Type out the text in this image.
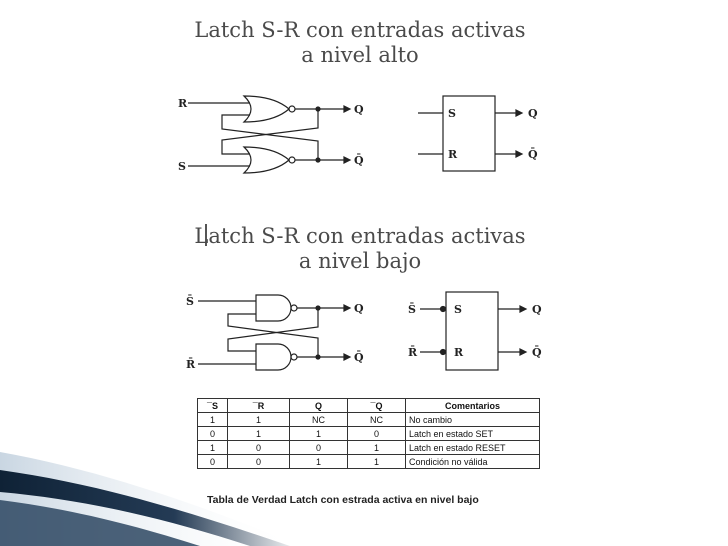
Latch S-R con entradas activas a nivel alto
Latch S-R con entradas activas a nivel bajo
R
S
Q
Q̄
S
R
Q
Q̄
S̄
R̄
Q
Q̄
S
R
S̄
R̄
Q
Q̄
¯S	¯R	Q	¯Q	Comentarios
1	1	NC	NC	No cambio
0	1	1	0	Latch en estado SET
1	0	0	1	Latch en estado RESET
0	0	1	1	Condición no válida
Tabla de Verdad Latch con estrada activa en nivel bajo
